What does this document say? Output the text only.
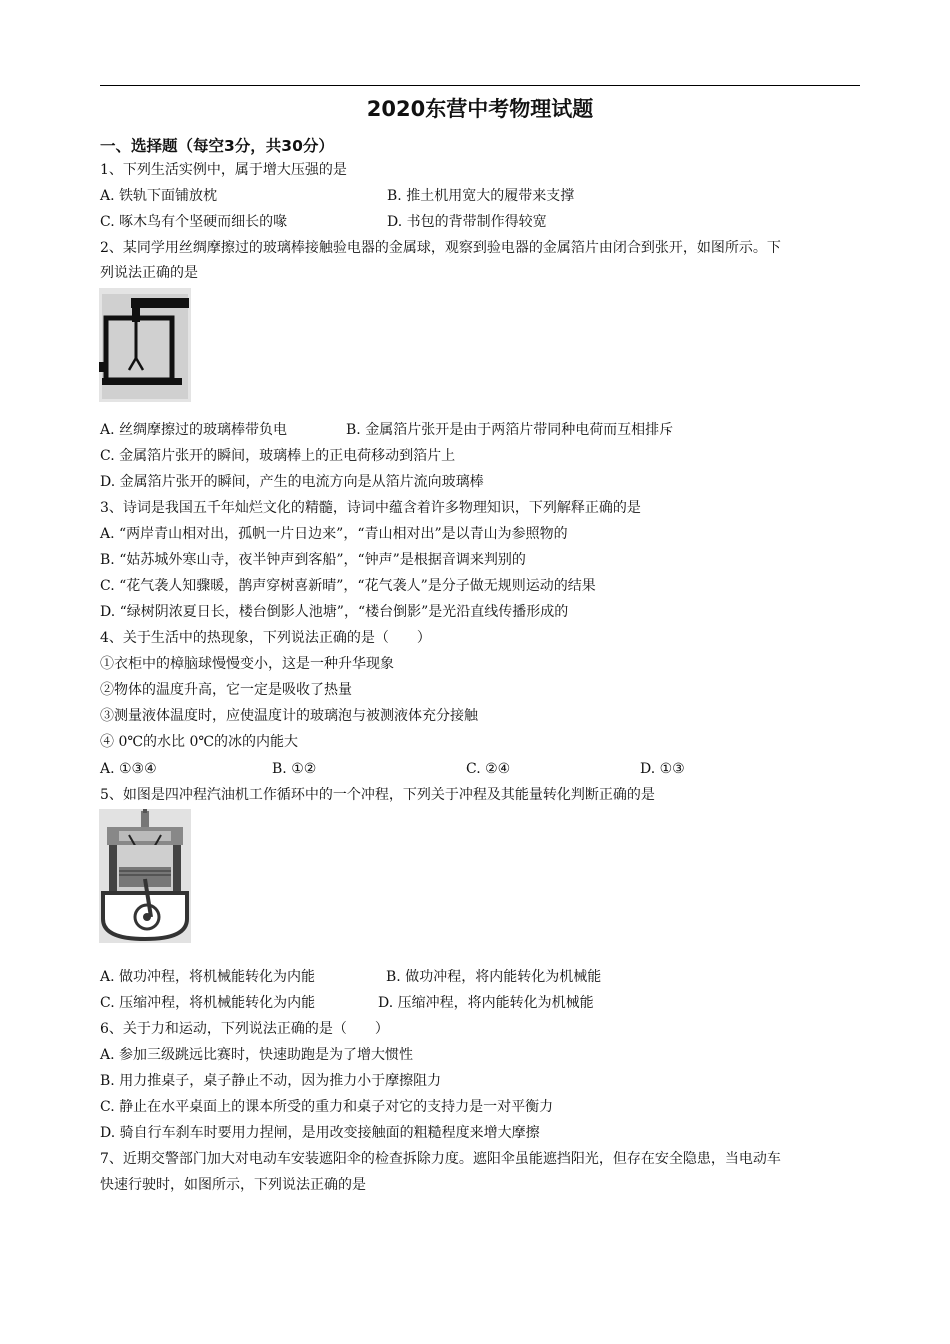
2020东营中考物理试题
一、选择题（每空3分，共30分）
1、下列生活实例中，属于增大压强的是
A. 铁轨下面铺放枕	B. 推土机用宽大的履带来支撑
C. 啄木鸟有个坚硬而细长的喙	D. 书包的背带制作得较宽
2、某同学用丝绸摩擦过的玻璃棒接触验电器的金属球，观察到验电器的金属箔片由闭合到张开，如图所示。下
列说法正确的是
A. 丝绸摩擦过的玻璃棒带负电	B. 金属箔片张开是由于两箔片带同种电荷而互相排斥
C. 金属箔片张开的瞬间，玻璃棒上的正电荷移动到箔片上
D. 金属箔片张开的瞬间，产生的电流方向是从箔片流向玻璃棒
3、诗词是我国五千年灿烂文化的精髓，诗词中蕴含着许多物理知识，下列解释正确的是
A. “两岸青山相对出，孤帆一片日边来”，“青山相对出”是以青山为参照物的
B. “姑苏城外寒山寺，夜半钟声到客船”，“钟声”是根据音调来判别的
C. “花气袭人知骤暖，鹊声穿树喜新晴”，“花气袭人”是分子做无规则运动的结果
D. “绿树阴浓夏日长，楼台倒影人池塘”，“楼台倒影”是光沿直线传播形成的
4、关于生活中的热现象，下列说法正确的是（　　）
①衣柜中的樟脑球慢慢变小，这是一种升华现象
②物体的温度升高，它一定是吸收了热量
③测量液体温度时，应使温度计的玻璃泡与被测液体充分接触
④ 0℃的水比 0℃的冰的内能大
A. ①③④	B. ①②	C. ②④	D. ①③
5、如图是四冲程汽油机工作循环中的一个冲程，下列关于冲程及其能量转化判断正确的是
A. 做功冲程，将机械能转化为内能	B. 做功冲程，将内能转化为机械能
C. 压缩冲程，将机械能转化为内能	D. 压缩冲程，将内能转化为机械能
6、关于力和运动，下列说法正确的是（　　）
A. 参加三级跳远比赛时，快速助跑是为了增大惯性
B. 用力推桌子，桌子静止不动，因为推力小于摩擦阻力
C. 静止在水平桌面上的课本所受的重力和桌子对它的支持力是一对平衡力
D. 骑自行车刹车时要用力捏闸，是用改变接触面的粗糙程度来增大摩擦
7、近期交警部门加大对电动车安装遮阳伞的检查拆除力度。遮阳伞虽能遮挡阳光，但存在安全隐患，当电动车
快速行驶时，如图所示，下列说法正确的是
